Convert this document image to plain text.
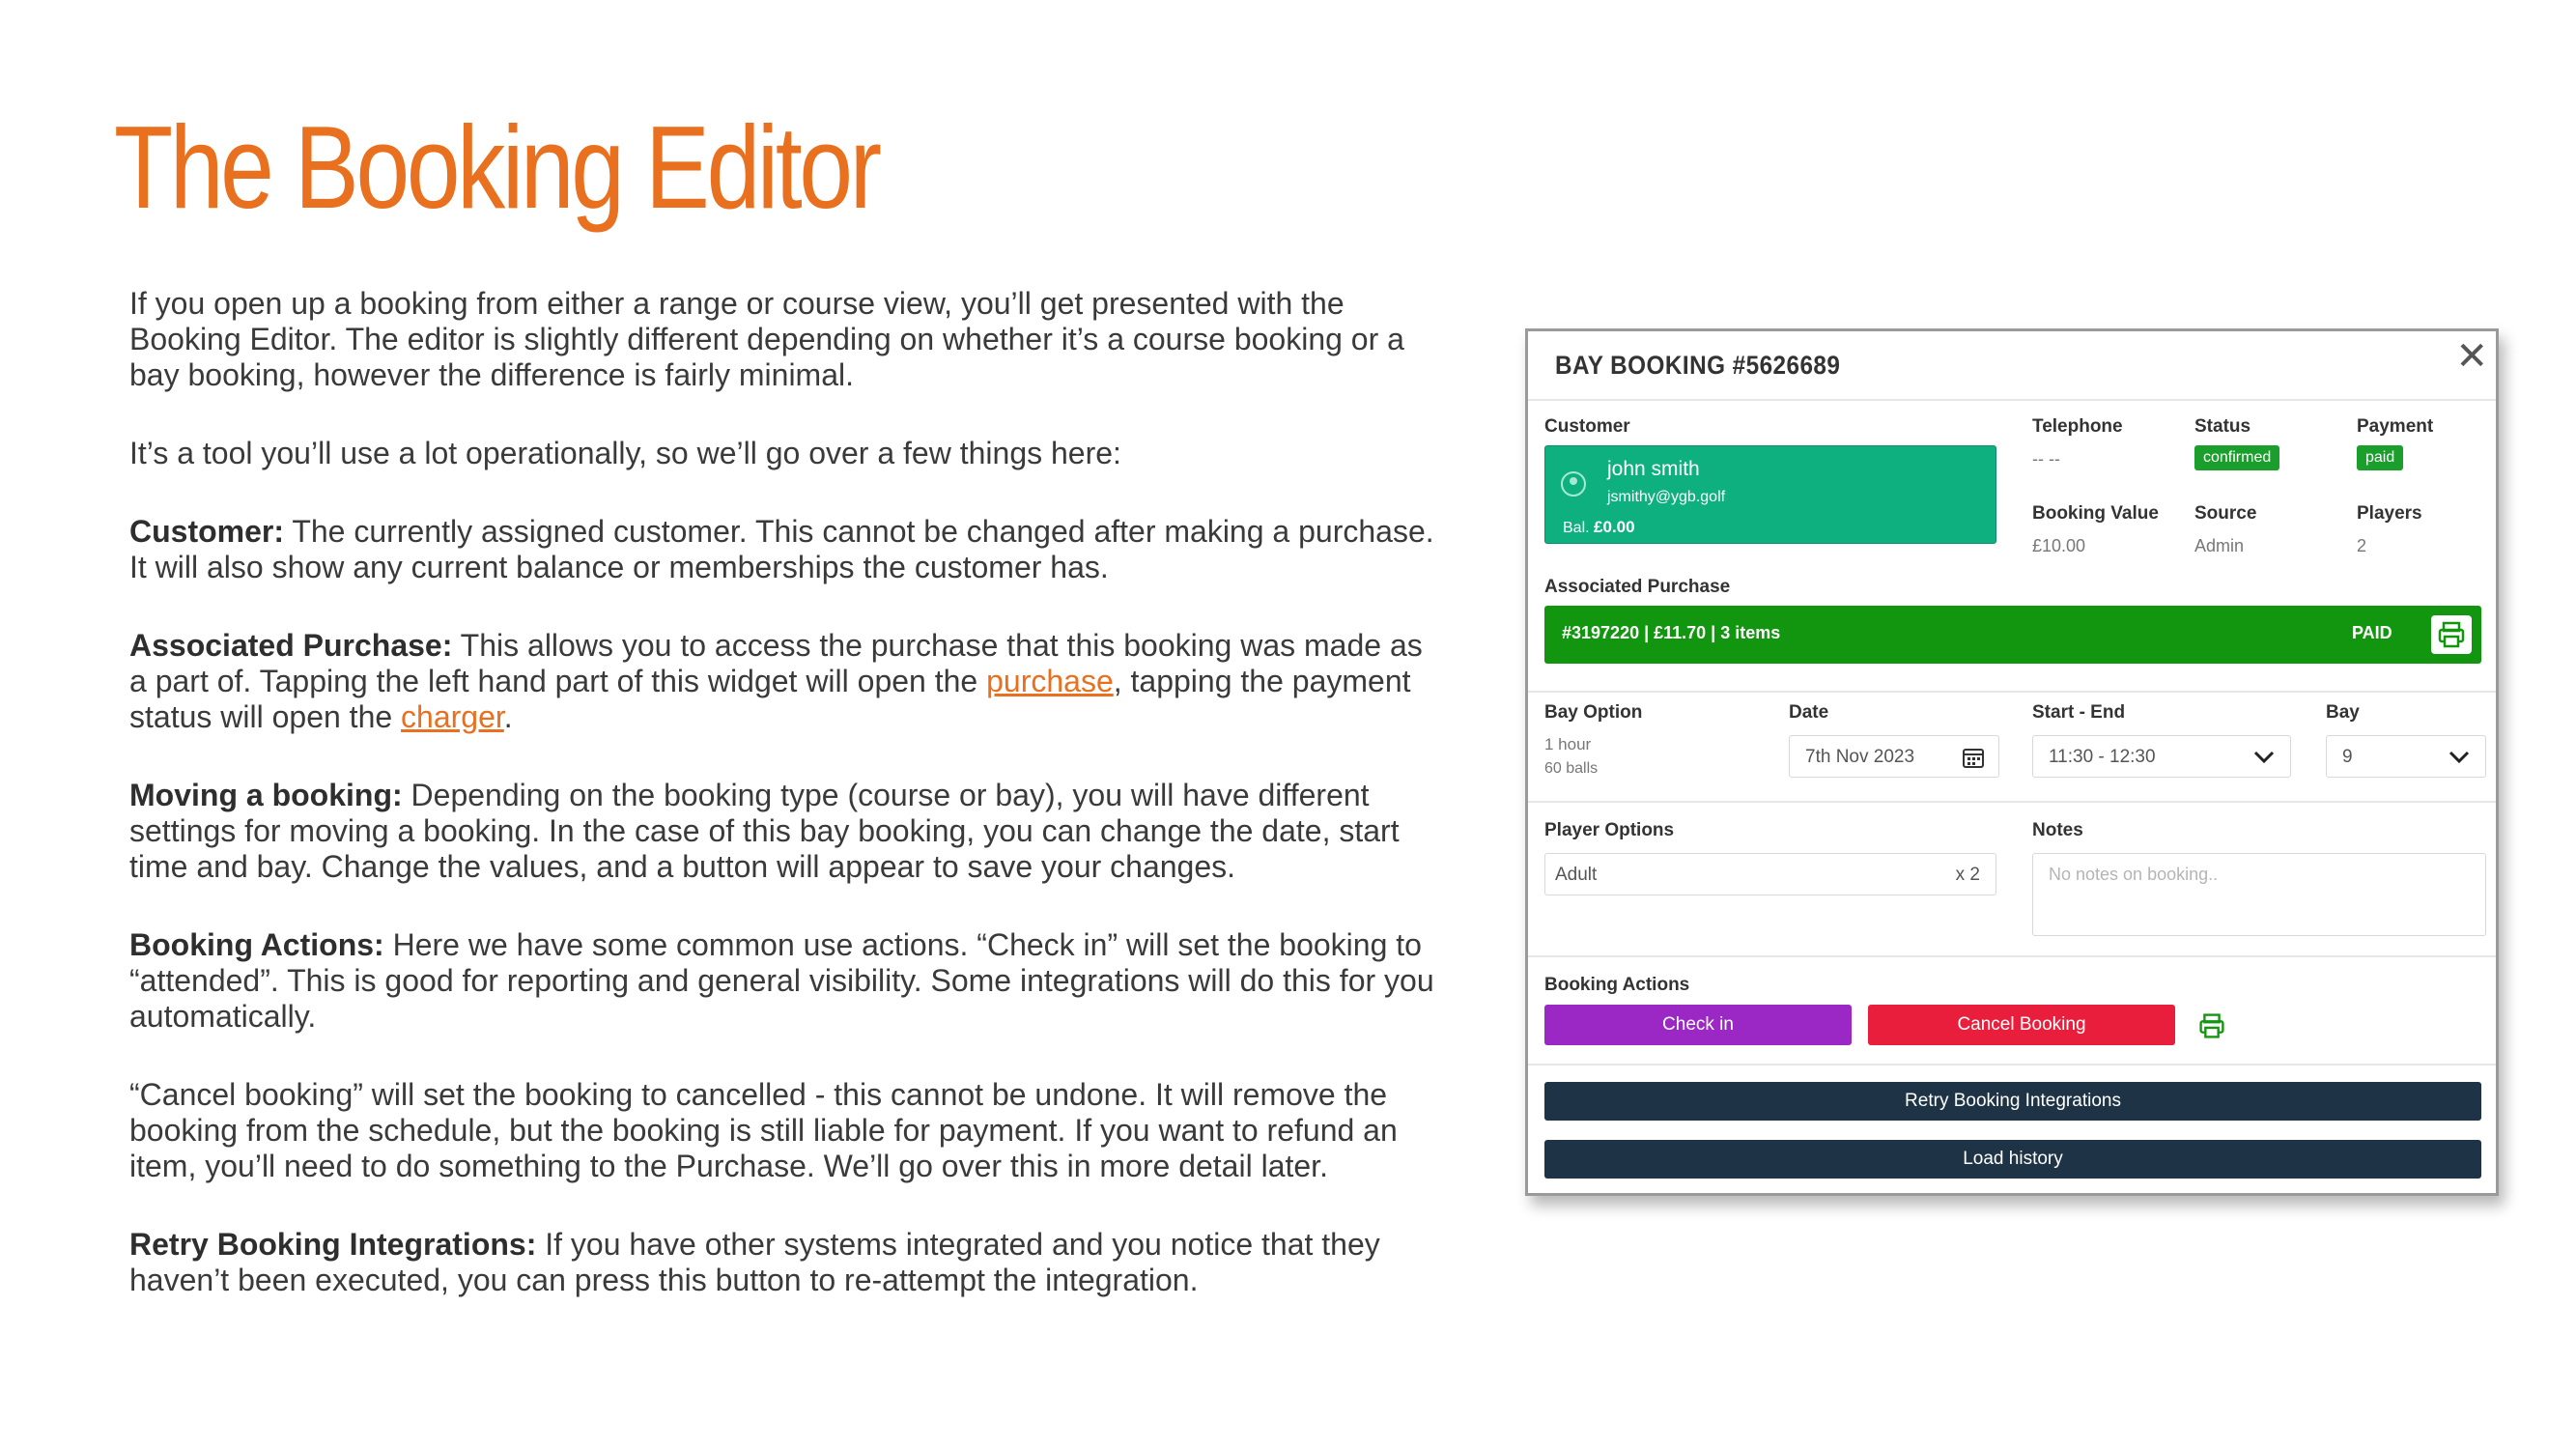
The Booking Editor

If you open up a booking from either a range or course view, you’ll get presented with the Booking Editor. The editor is slightly different depending on whether it’s a course booking or a bay booking, however the difference is fairly minimal.

It’s a tool you’ll use a lot operationally, so we’ll go over a few things here:

Customer: The currently assigned customer. This cannot be changed after making a purchase. It will also show any current balance or memberships the customer has.

Associated Purchase: This allows you to access the purchase that this booking was made as a part of. Tapping the left hand part of this widget will open the purchase, tapping the payment status will open the charger.

Moving a booking: Depending on the booking type (course or bay), you will have different settings for moving a booking. In the case of this bay booking, you can change the date, start time and bay. Change the values, and a button will appear to save your changes.

Booking Actions: Here we have some common use actions. “Check in” will set the booking to “attended”. This is good for reporting and general visibility. Some integrations will do this for you automatically.

“Cancel booking” will set the booking to cancelled - this cannot be undone. It will remove the booking from the schedule, but the booking is still liable for payment. If you want to refund an item, you’ll need to do something to the Purchase. We’ll go over this in more detail later.

Retry Booking Integrations: If you have other systems integrated and you notice that they haven’t been executed, you can press this button to re-attempt the integration.

BAY BOOKING #5626689	✕
Customer
john smith
jsmithy@ygb.golf
Bal. £0.00
Telephone
-- --
Status
confirmed
Payment
paid
Booking Value
£10.00
Source
Admin
Players
2
Associated Purchase
#3197220 | £11.70 | 3 items	PAID
Bay Option
1 hour
60 balls
Date
7th Nov 2023
Start - End
11:30 - 12:30
Bay
9
Player Options
Adult	x 2
Notes
No notes on booking..
Booking Actions
Check in	Cancel Booking
Retry Booking Integrations
Load history
